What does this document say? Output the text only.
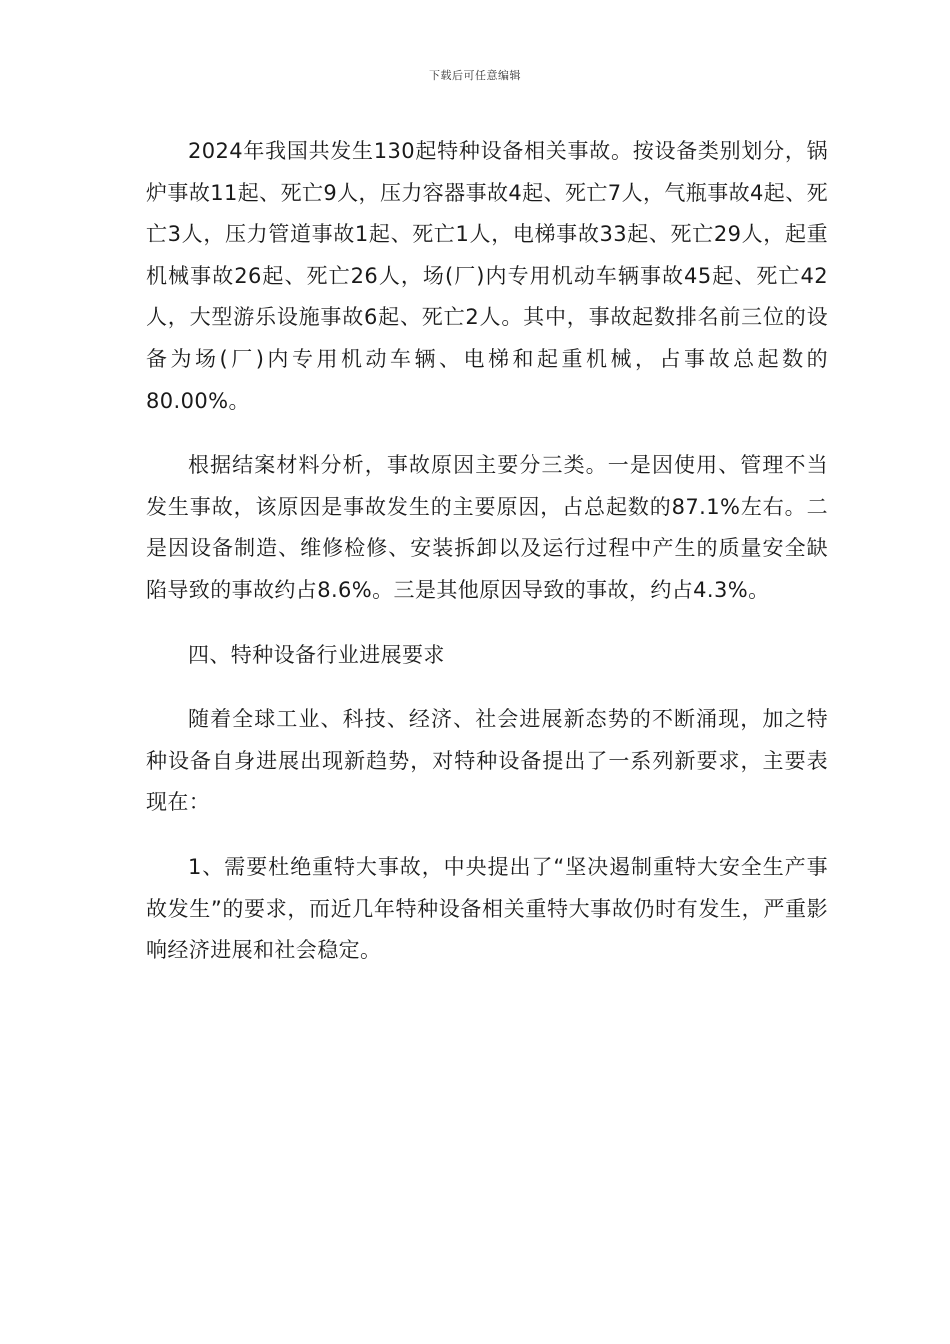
下载后可任意编辑

2024年我国共发生130起特种设备相关事故。按设备类别划分，锅炉事故11起、死亡9人，压力容器事故4起、死亡7人，气瓶事故4起、死亡3人，压力管道事故1起、死亡1人，电梯事故33起、死亡29人，起重机械事故26起、死亡26人，场(厂)内专用机动车辆事故45起、死亡42人，大型游乐设施事故6起、死亡2人。其中，事故起数排名前三位的设备为场(厂)内专用机动车辆、电梯和起重机械，占事故总起数的80.00%。

根据结案材料分析，事故原因主要分三类。一是因使用、管理不当发生事故，该原因是事故发生的主要原因，占总起数的87.1%左右。二是因设备制造、维修检修、安装拆卸以及运行过程中产生的质量安全缺陷导致的事故约占8.6%。三是其他原因导致的事故，约占4.3%。

四、特种设备行业进展要求

随着全球工业、科技、经济、社会进展新态势的不断涌现，加之特种设备自身进展出现新趋势，对特种设备提出了一系列新要求，主要表现在：

1、需要杜绝重特大事故，中央提出了“坚决遏制重特大安全生产事故发生”的要求，而近几年特种设备相关重特大事故仍时有发生，严重影响经济进展和社会稳定。
